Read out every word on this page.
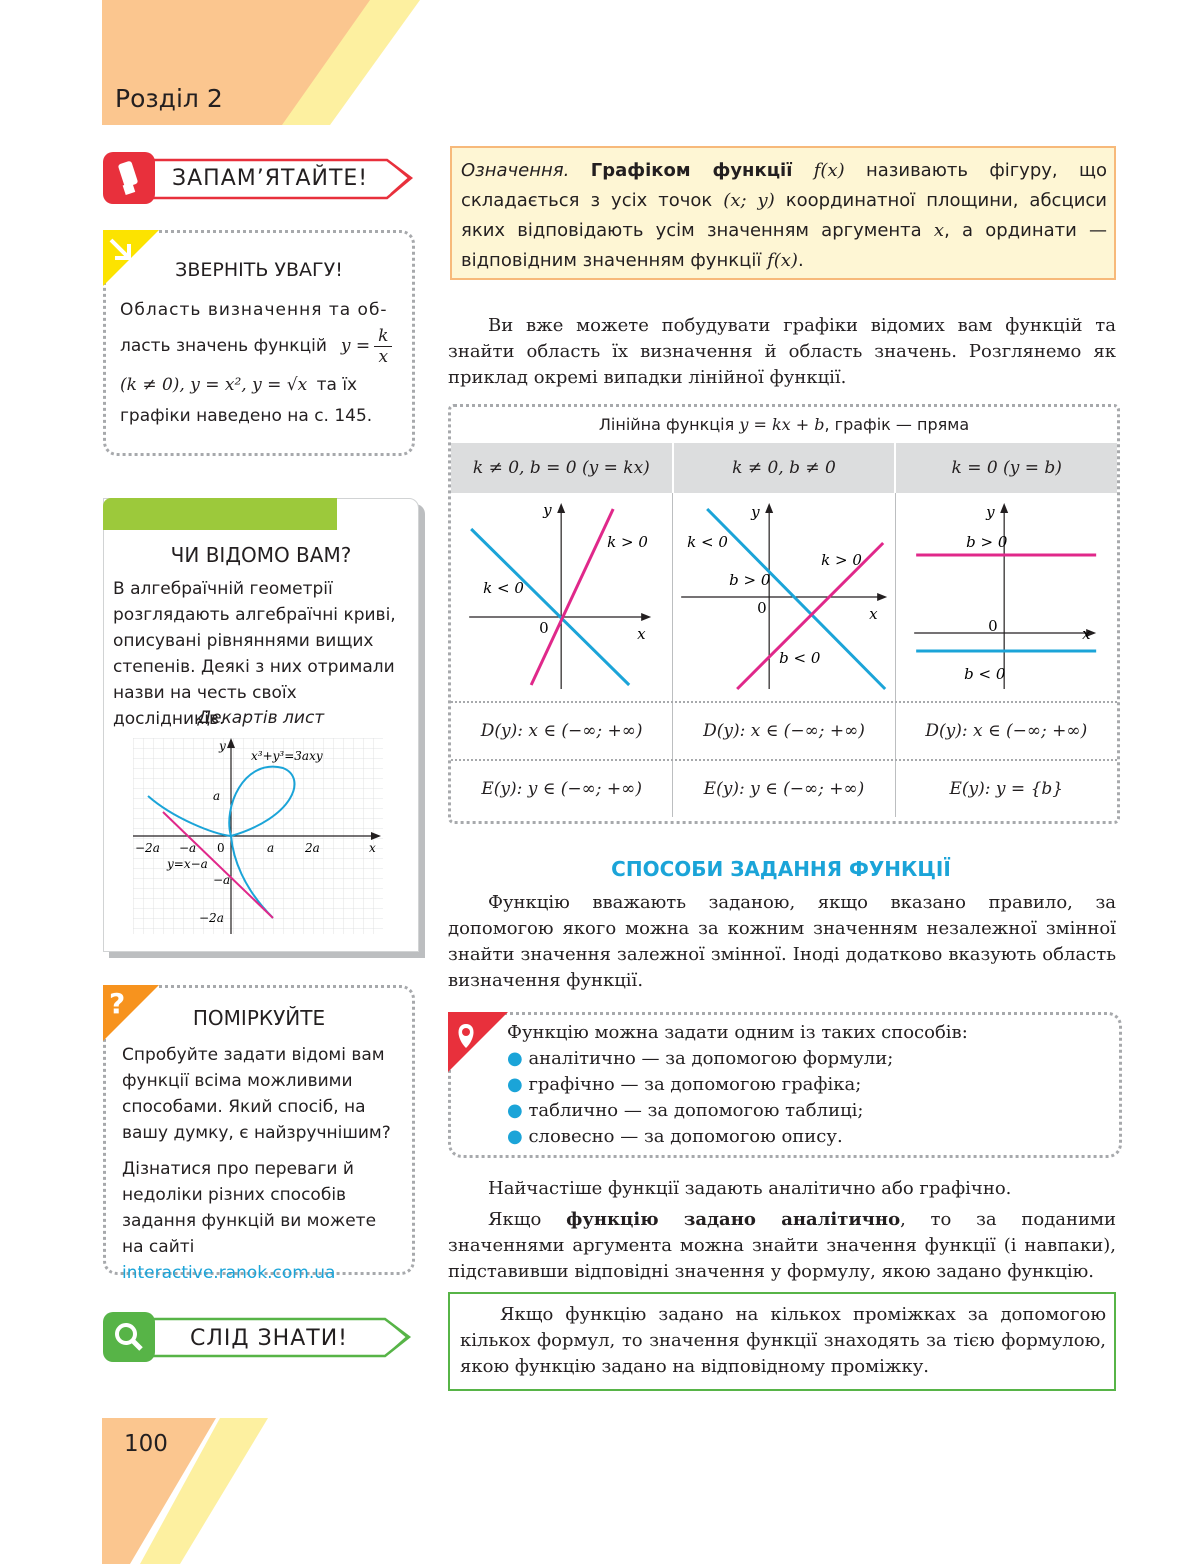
Розділ 2
ЗАПАМ’ЯТАЙТЕ!
ЗВЕРНІТЬ УВАГУ!
Область визначення та об-
ласть значень функцій $y = \frac{k}{x}$
(k ≠ 0), y = x², y = √x та їх
графіки наведено на с. 145.
ЧИ ВІДОМО ВАМ?
В алгебраїчній геометрії розглядають алгебраїчні криві, описувані рівняннями вищих степенів. Деякі з них отримали назви на честь своїх дослідників.
Декартів лист
y
x³+y³=3axy
a
−2a −a 0	a	2a	x
y=x−a
−a
−2a
?	ПОМІРКУЙТЕ
Спробуйте задати відомі вам функції всіма можливими способами. Який спосіб, на вашу думку, є найзручнішим?
Дізнатися про переваги й недоліки різних способів задання функцій ви можете на сайті interactive.ranok.com.ua
СЛІД ЗНАТИ!
100
Означення. Графіком функції f(x) називають фігуру, що складається з усіх точок (x; y) координатної площини, абсциси яких відповідають усім значенням аргумента x, а ординати — відповідним значенням функції f(x).
Ви вже можете побудувати графіки відомих вам функцій та знайти область їх визначення й область значень. Розглянемо як приклад окремі випадки лінійної функції.
Лінійна функція y = kx + b, графік — пряма
k ≠ 0, b = 0 (y = kx)	k ≠ 0, b ≠ 0	k = 0 (y = b)
y
x
0
k > 0
k < 0
y
x
0
k < 0
k > 0
b > 0
b < 0
y
x
0
b > 0
b < 0
D(y): x ∈ (−∞; +∞)	D(y): x ∈ (−∞; +∞)	D(y): x ∈ (−∞; +∞)
E(y): y ∈ (−∞; +∞)	E(y): y ∈ (−∞; +∞)	E(y): y = {b}
СПОСОБИ ЗАДАННЯ ФУНКЦІЇ
Функцію вважають заданою, якщо вказано правило, за допомогою якого можна за кожним значенням незалежної змінної знайти значення залежної змінної. Іноді додатково вказують область визначення функції.
Функцію можна задати одним із таких способів:
● аналітично — за допомогою формули;
● графічно — за допомогою графіка;
● таблично — за допомогою таблиці;
● словесно — за допомогою опису.
Найчастіше функції задають аналітично або графічно.
Якщо функцію задано аналітично, то за поданими значеннями аргумента можна знайти значення функції (і навпаки), підставивши відповідні значення у формулу, якою задано функцію.
Якщо функцію задано на кількох проміжках за допомогою кількох формул, то значення функції знаходять за тією формулою, якою функцію задано на відповідному проміжку.
